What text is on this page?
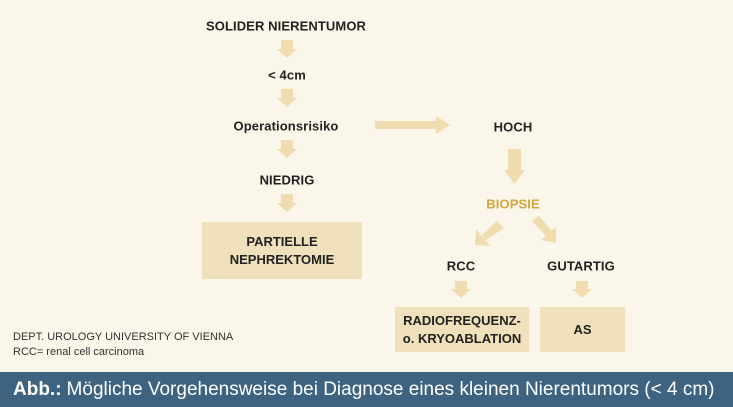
SOLIDER NIERENTUMOR
< 4cm
Operationsrisiko
NIEDRIG
HOCH
BIOPSIE
RCC	GUTARTIG
PARTIELLE
NEPHREKTOMIE
RADIOFREQUENZ-
o. KRYOABLATION
AS
DEPT. UROLOGY UNIVERSITY OF VIENNA
RCC= renal cell carcinoma
Abb.: Mögliche Vorgehensweise bei Diagnose eines kleinen Nierentumors (< 4 cm)
